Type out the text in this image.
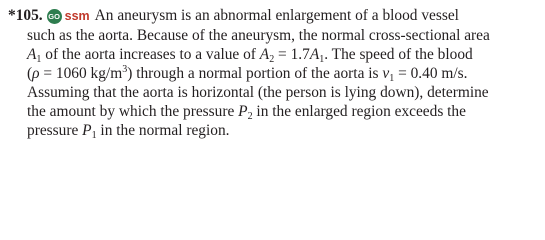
*105. GO ssm An aneurysm is an abnormal enlargement of a blood vessel
such as the aorta. Because of the aneurysm, the normal cross-sectional area
$A_1$ of the aorta increases to a value of $A_2 = 1.7A_1$. The speed of the blood
(ρ = 1060 $kg/m^3$) through a normal portion of the aorta is $v_1 = 0.40$ m/s.
Assuming that the aorta is horizontal (the person is lying down), determine
the amount by which the pressure $P_2$ in the enlarged region exceeds the
pressure $P_1$ in the normal region.
